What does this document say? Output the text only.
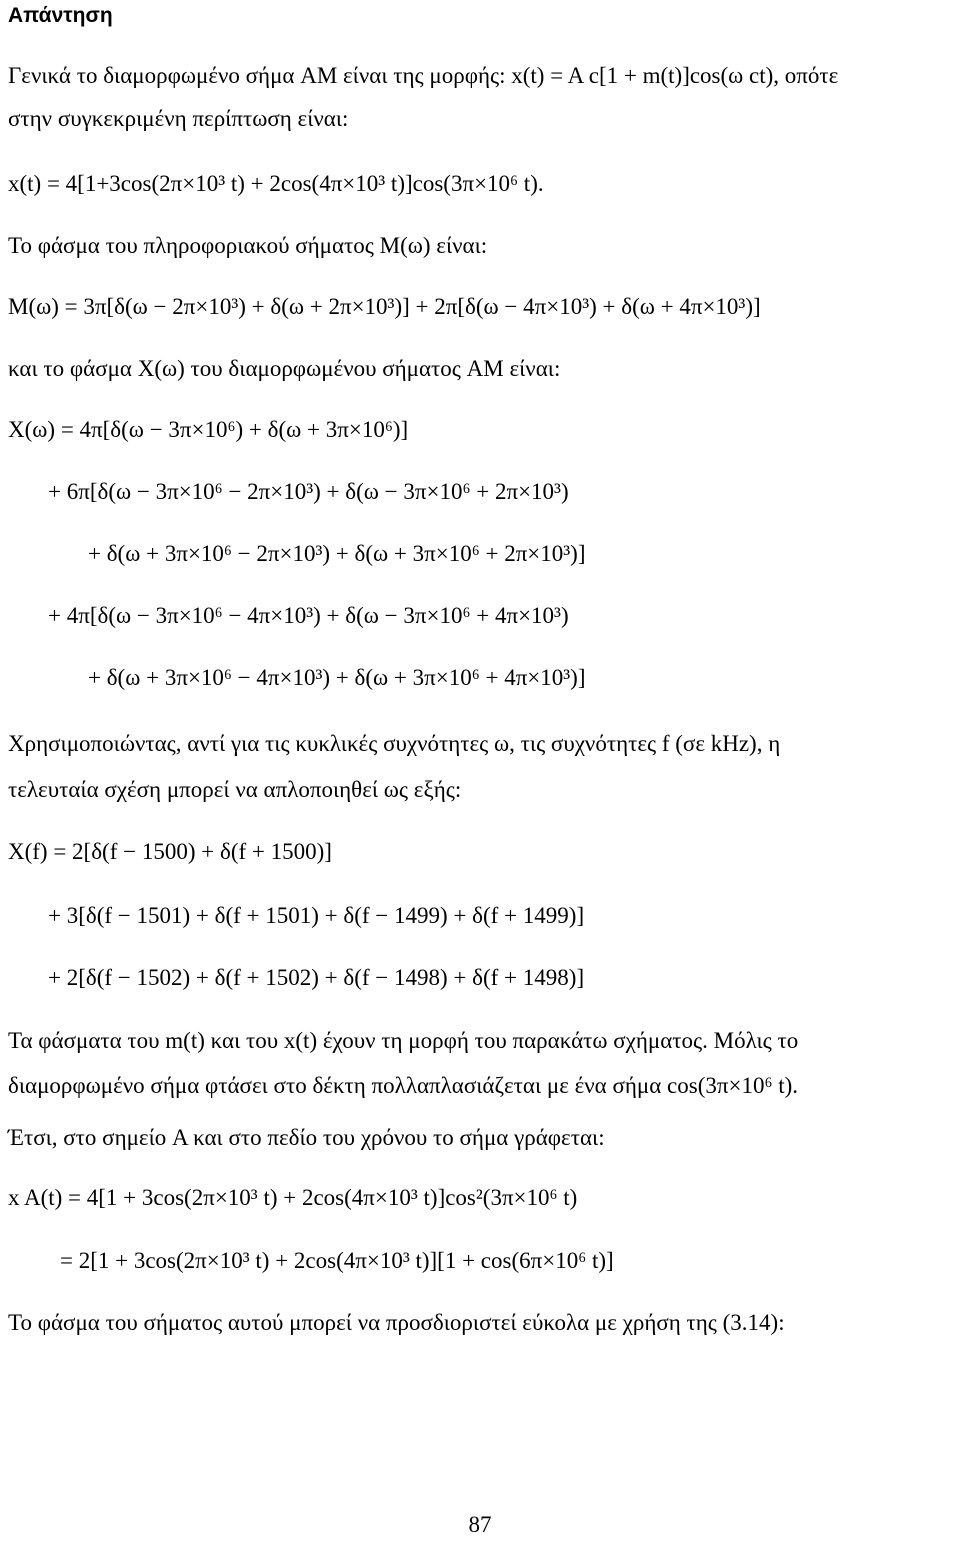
Απάντηση
Γενικά το διαμορφωμένο σήμα AM είναι της μορφής: x(t) = A c[1 + m(t)]cos(ω ct), οπότε
στην συγκεκριμένη περίπτωση είναι:
x(t) = 4[1+3cos(2π×10³ t) + 2cos(4π×10³ t)]cos(3π×10⁶ t).
Το φάσμα του πληροφοριακού σήματος M(ω) είναι:
M(ω) = 3π[δ(ω − 2π×10³) + δ(ω + 2π×10³)] + 2π[δ(ω − 4π×10³) + δ(ω + 4π×10³)]
και το φάσμα X(ω) του διαμορφωμένου σήματος AM είναι:
X(ω) = 4π[δ(ω − 3π×10⁶) + δ(ω + 3π×10⁶)]
+ 6π[δ(ω − 3π×10⁶ − 2π×10³) + δ(ω − 3π×10⁶ + 2π×10³)
+ δ(ω + 3π×10⁶ − 2π×10³) + δ(ω + 3π×10⁶ + 2π×10³)]
+ 4π[δ(ω − 3π×10⁶ − 4π×10³) + δ(ω − 3π×10⁶ + 4π×10³)
+ δ(ω + 3π×10⁶ − 4π×10³) + δ(ω + 3π×10⁶ + 4π×10³)]
Χρησιμοποιώντας, αντί για τις κυκλικές συχνότητες ω, τις συχνότητες f (σε kHz), η
τελευταία σχέση μπορεί να απλοποιηθεί ως εξής:
X(f) = 2[δ(f − 1500) + δ(f + 1500)]
+ 3[δ(f − 1501) + δ(f + 1501) + δ(f − 1499) + δ(f + 1499)]
+ 2[δ(f − 1502) + δ(f + 1502) + δ(f − 1498) + δ(f + 1498)]
Τα φάσματα του m(t) και του x(t) έχουν τη μορφή του παρακάτω σχήματος. Μόλις το
διαμορφωμένο σήμα φτάσει στο δέκτη πολλαπλασιάζεται με ένα σήμα cos(3π×10⁶ t).
Έτσι, στο σημείο A και στο πεδίο του χρόνου το σήμα γράφεται:
x A(t) = 4[1 + 3cos(2π×10³ t) + 2cos(4π×10³ t)]cos²(3π×10⁶ t)
= 2[1 + 3cos(2π×10³ t) + 2cos(4π×10³ t)][1 + cos(6π×10⁶ t)]
Το φάσμα του σήματος αυτού μπορεί να προσδιοριστεί εύκολα με χρήση της (3.14):
87
